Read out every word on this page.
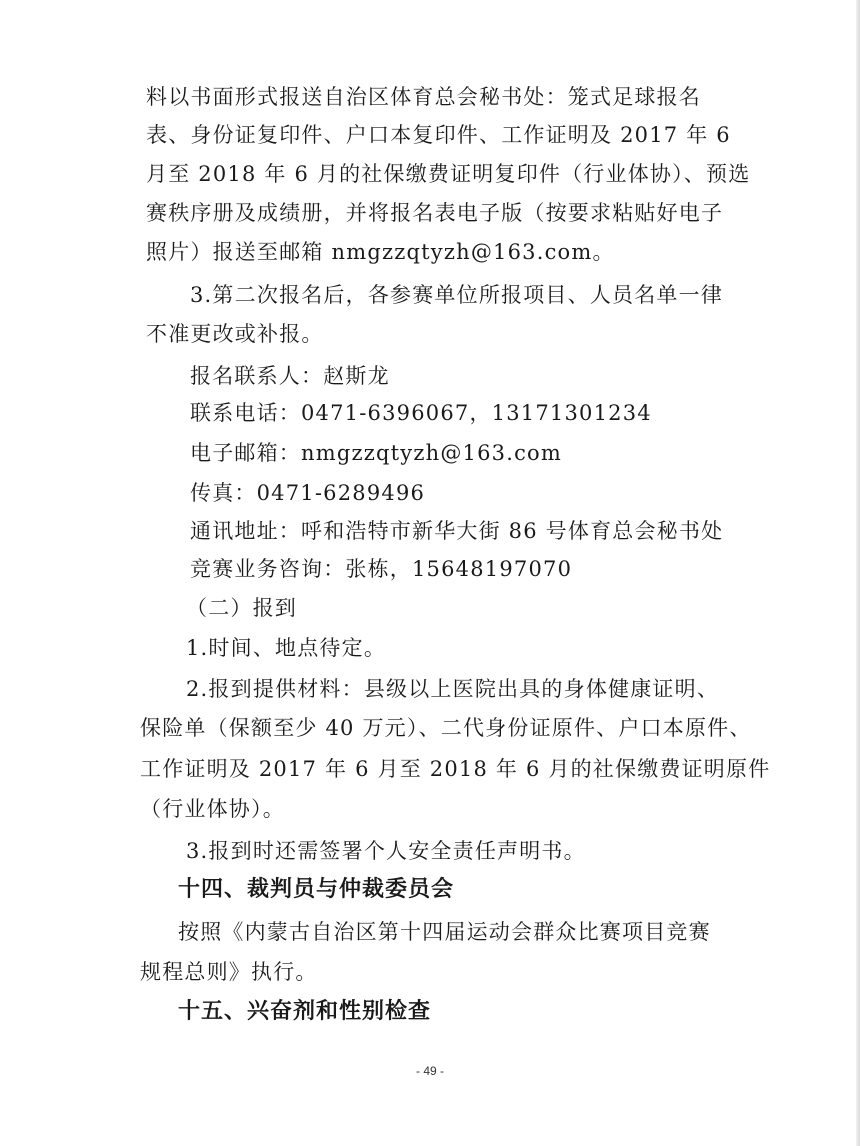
料以书面形式报送自治区体育总会秘书处：笼式足球报名
表、身份证复印件、户口本复印件、工作证明及 2017 年 6
月至 2018 年 6 月的社保缴费证明复印件（行业体协）、预选
赛秩序册及成绩册，并将报名表电子版（按要求粘贴好电子
照片）报送至邮箱 nmgzzqtyzh@163.com。
3.第二次报名后，各参赛单位所报项目、人员名单一律
不准更改或补报。
报名联系人：赵斯龙
联系电话：0471-6396067，13171301234
电子邮箱：nmgzzqtyzh@163.com
传真：0471-6289496
通讯地址：呼和浩特市新华大街 86 号体育总会秘书处
竞赛业务咨询：张栋，15648197070
（二）报到
1.时间、地点待定。
2.报到提供材料：县级以上医院出具的身体健康证明、
保险单（保额至少 40 万元）、二代身份证原件、户口本原件、
工作证明及 2017 年 6 月至 2018 年 6 月的社保缴费证明原件
（行业体协）。
3.报到时还需签署个人安全责任声明书。
十四、裁判员与仲裁委员会
按照《内蒙古自治区第十四届运动会群众比赛项目竞赛
规程总则》执行。
十五、兴奋剂和性别检查
- 49 -
